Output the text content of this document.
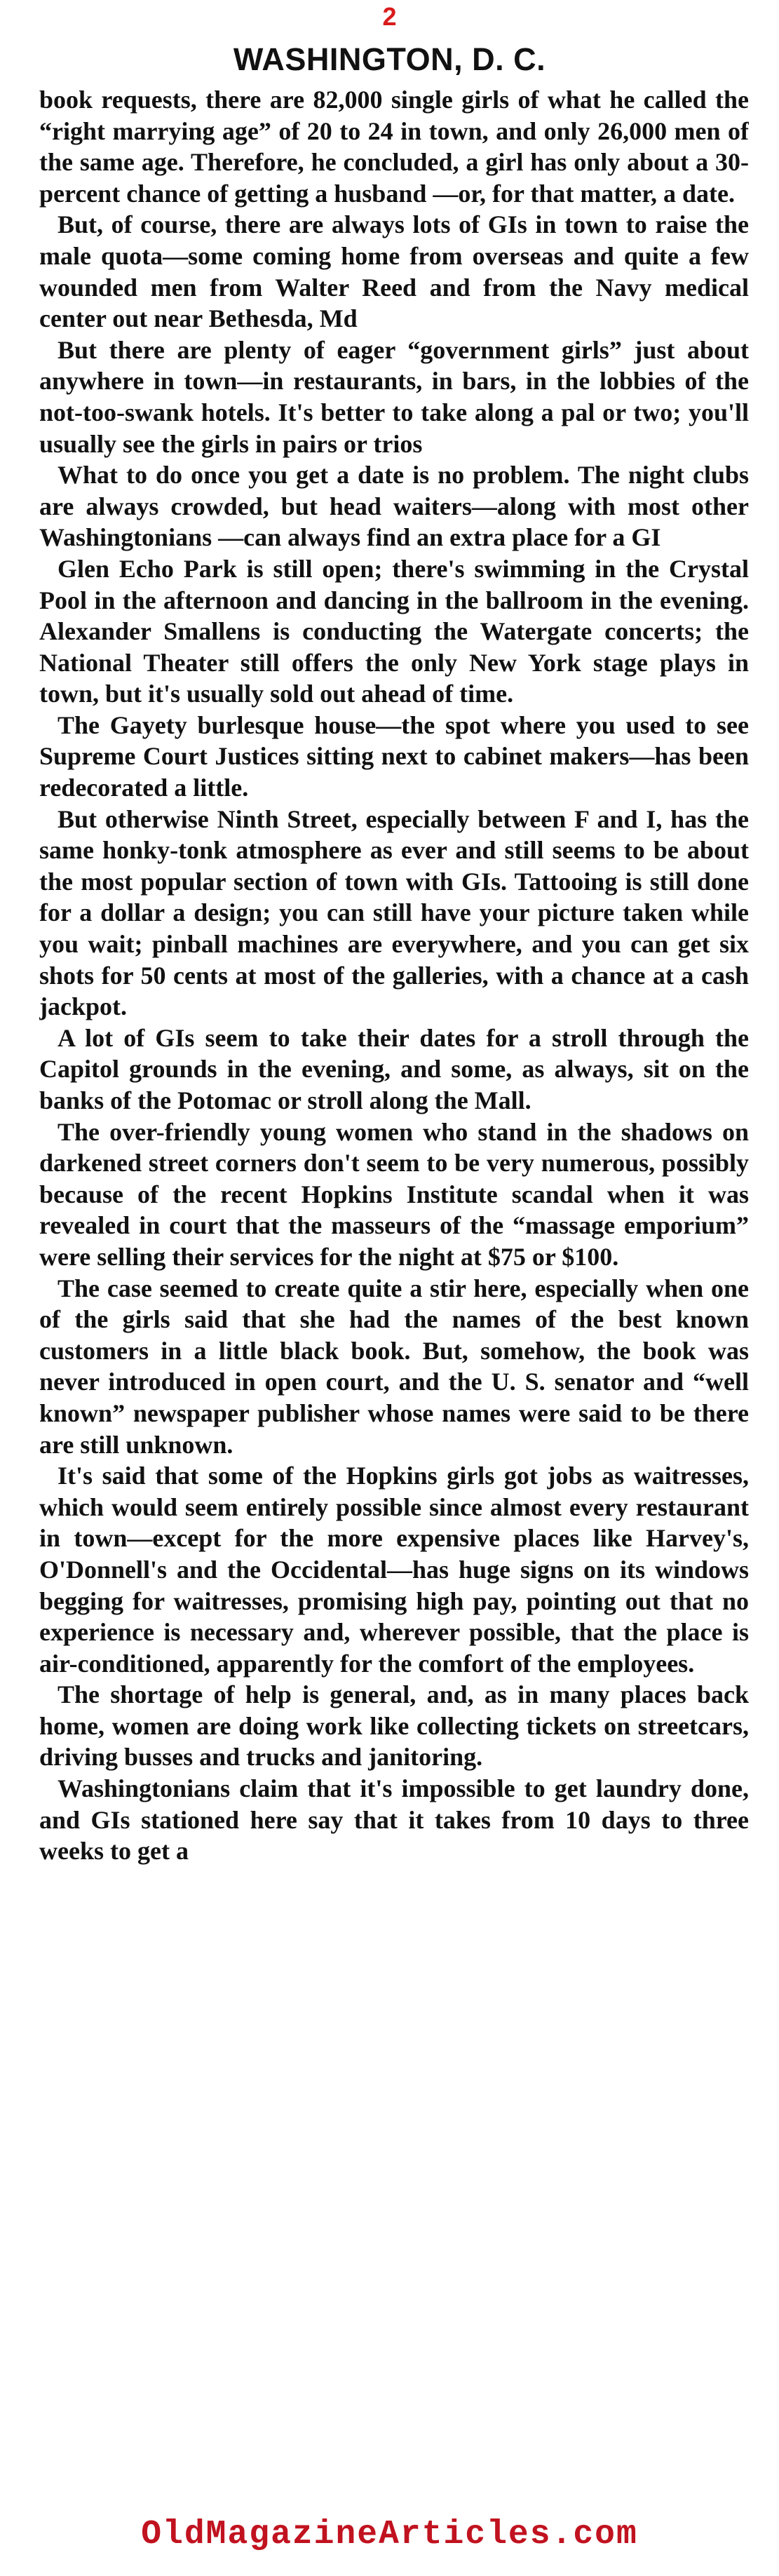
2
WASHINGTON, D. C.

book requests, there are 82,000 single girls of what he called the “right marrying age” of 20 to 24 in town, and only 26,000 men of the same age. Therefore, he concluded, a girl has only about a 30-percent chance of getting a husband —or, for that matter, a date.

But, of course, there are always lots of GIs in town to raise the male quota—some coming home from overseas and quite a few wounded men from Walter Reed and from the Navy medical center out near Bethesda, Md

But there are plenty of eager “government girls” just about anywhere in town—in restaurants, in bars, in the lobbies of the not-too-swank hotels. It's better to take along a pal or two; you'll usually see the girls in pairs or trios

What to do once you get a date is no problem. The night clubs are always crowded, but head waiters—along with most other Washingtonians —can always find an extra place for a GI

Glen Echo Park is still open; there's swimming in the Crystal Pool in the afternoon and dancing in the ballroom in the evening. Alexander Smallens is conducting the Watergate concerts; the National Theater still offers the only New York stage plays in town, but it's usually sold out ahead of time.

The Gayety burlesque house—the spot where you used to see Supreme Court Justices sitting next to cabinet makers—has been redecorated a little.

But otherwise Ninth Street, especially between F and I, has the same honky-tonk atmosphere as ever and still seems to be about the most popular section of town with GIs. Tattooing is still done for a dollar a design; you can still have your picture taken while you wait; pinball machines are everywhere, and you can get six shots for 50 cents at most of the galleries, with a chance at a cash jackpot.

A lot of GIs seem to take their dates for a stroll through the Capitol grounds in the evening, and some, as always, sit on the banks of the Potomac or stroll along the Mall.

The over-friendly young women who stand in the shadows on darkened street corners don't seem to be very numerous, possibly because of the recent Hopkins Institute scandal when it was revealed in court that the masseurs of the “massage emporium” were selling their services for the night at $75 or $100.

The case seemed to create quite a stir here, especially when one of the girls said that she had the names of the best known customers in a little black book. But, somehow, the book was never introduced in open court, and the U. S. senator and “well known” newspaper publisher whose names were said to be there are still unknown.

It's said that some of the Hopkins girls got jobs as waitresses, which would seem entirely possible since almost every restaurant in town—except for the more expensive places like Harvey's, O'Donnell's and the Occidental—has huge signs on its windows begging for waitresses, promising high pay, pointing out that no experience is necessary and, wherever possible, that the place is air-conditioned, apparently for the comfort of the employees.

The shortage of help is general, and, as in many places back home, women are doing work like collecting tickets on streetcars, driving busses and trucks and janitoring.

Washingtonians claim that it's impossible to get laundry done, and GIs stationed here say that it takes from 10 days to three weeks to get a

OldMagazineArticles.com
